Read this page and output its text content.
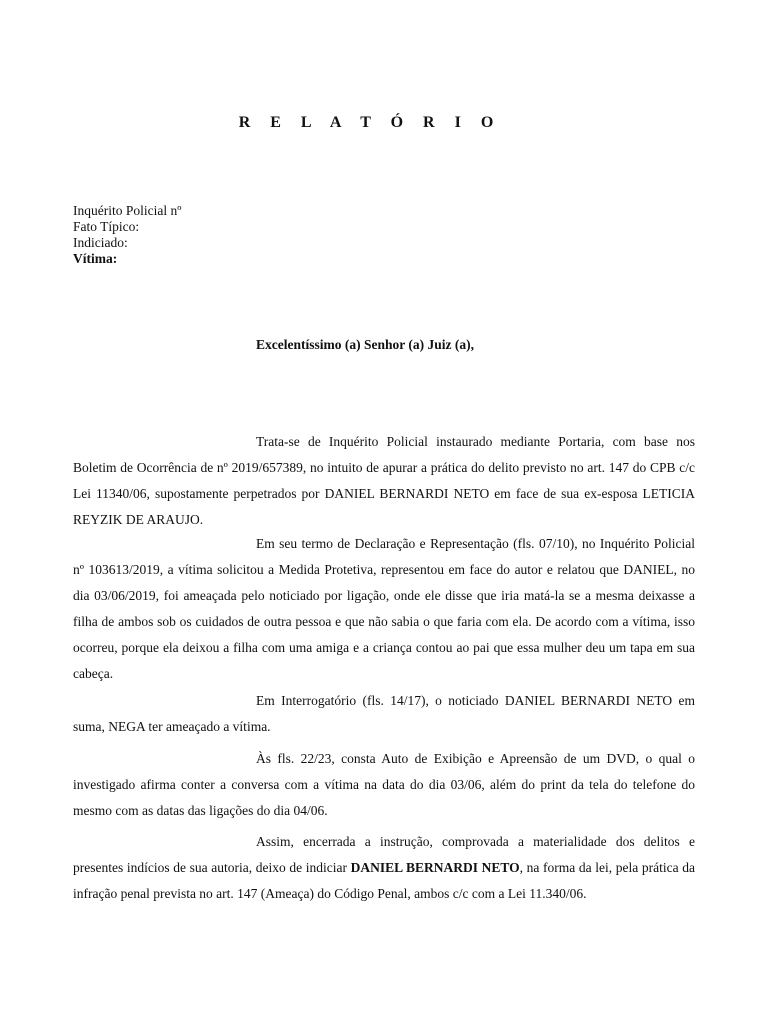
R E L A T Ó R I O
Inquérito Policial nº
Fato Típico:
Indiciado:
Vítima:
Excelentíssimo (a) Senhor (a) Juiz (a),

Trata-se de Inquérito Policial instaurado mediante Portaria, com base nos Boletim de Ocorrência de nº 2019/657389, no intuito de apurar a prática do delito previsto no art. 147 do CPB c/c Lei 11340/06, supostamente perpetrados por DANIEL BERNARDI NETO em face de sua ex-esposa LETICIA REYZIK DE ARAUJO.

Em seu termo de Declaração e Representação (fls. 07/10), no Inquérito Policial nº 103613/2019, a vítima solicitou a Medida Protetiva, representou em face do autor e relatou que DANIEL, no dia 03/06/2019, foi ameaçada pelo noticiado por ligação, onde ele disse que iria matá-la se a mesma deixasse a filha de ambos sob os cuidados de outra pessoa e que não sabia o que faria com ela. De acordo com a vítima, isso ocorreu, porque ela deixou a filha com uma amiga e a criança contou ao pai que essa mulher deu um tapa em sua cabeça.

Em Interrogatório (fls. 14/17), o noticiado DANIEL BERNARDI NETO em suma, NEGA ter ameaçado a vítima.

Às fls. 22/23, consta Auto de Exibição e Apreensão de um DVD, o qual o investigado afirma conter a conversa com a vítima na data do dia 03/06, além do print da tela do telefone do mesmo com as datas das ligações do dia 04/06.

Assim, encerrada a instrução, comprovada a materialidade dos delitos e presentes indícios de sua autoria, deixo de indiciar DANIEL BERNARDI NETO, na forma da lei, pela prática da infração penal prevista no art. 147 (Ameaça) do Código Penal, ambos c/c com a Lei 11.340/06.
